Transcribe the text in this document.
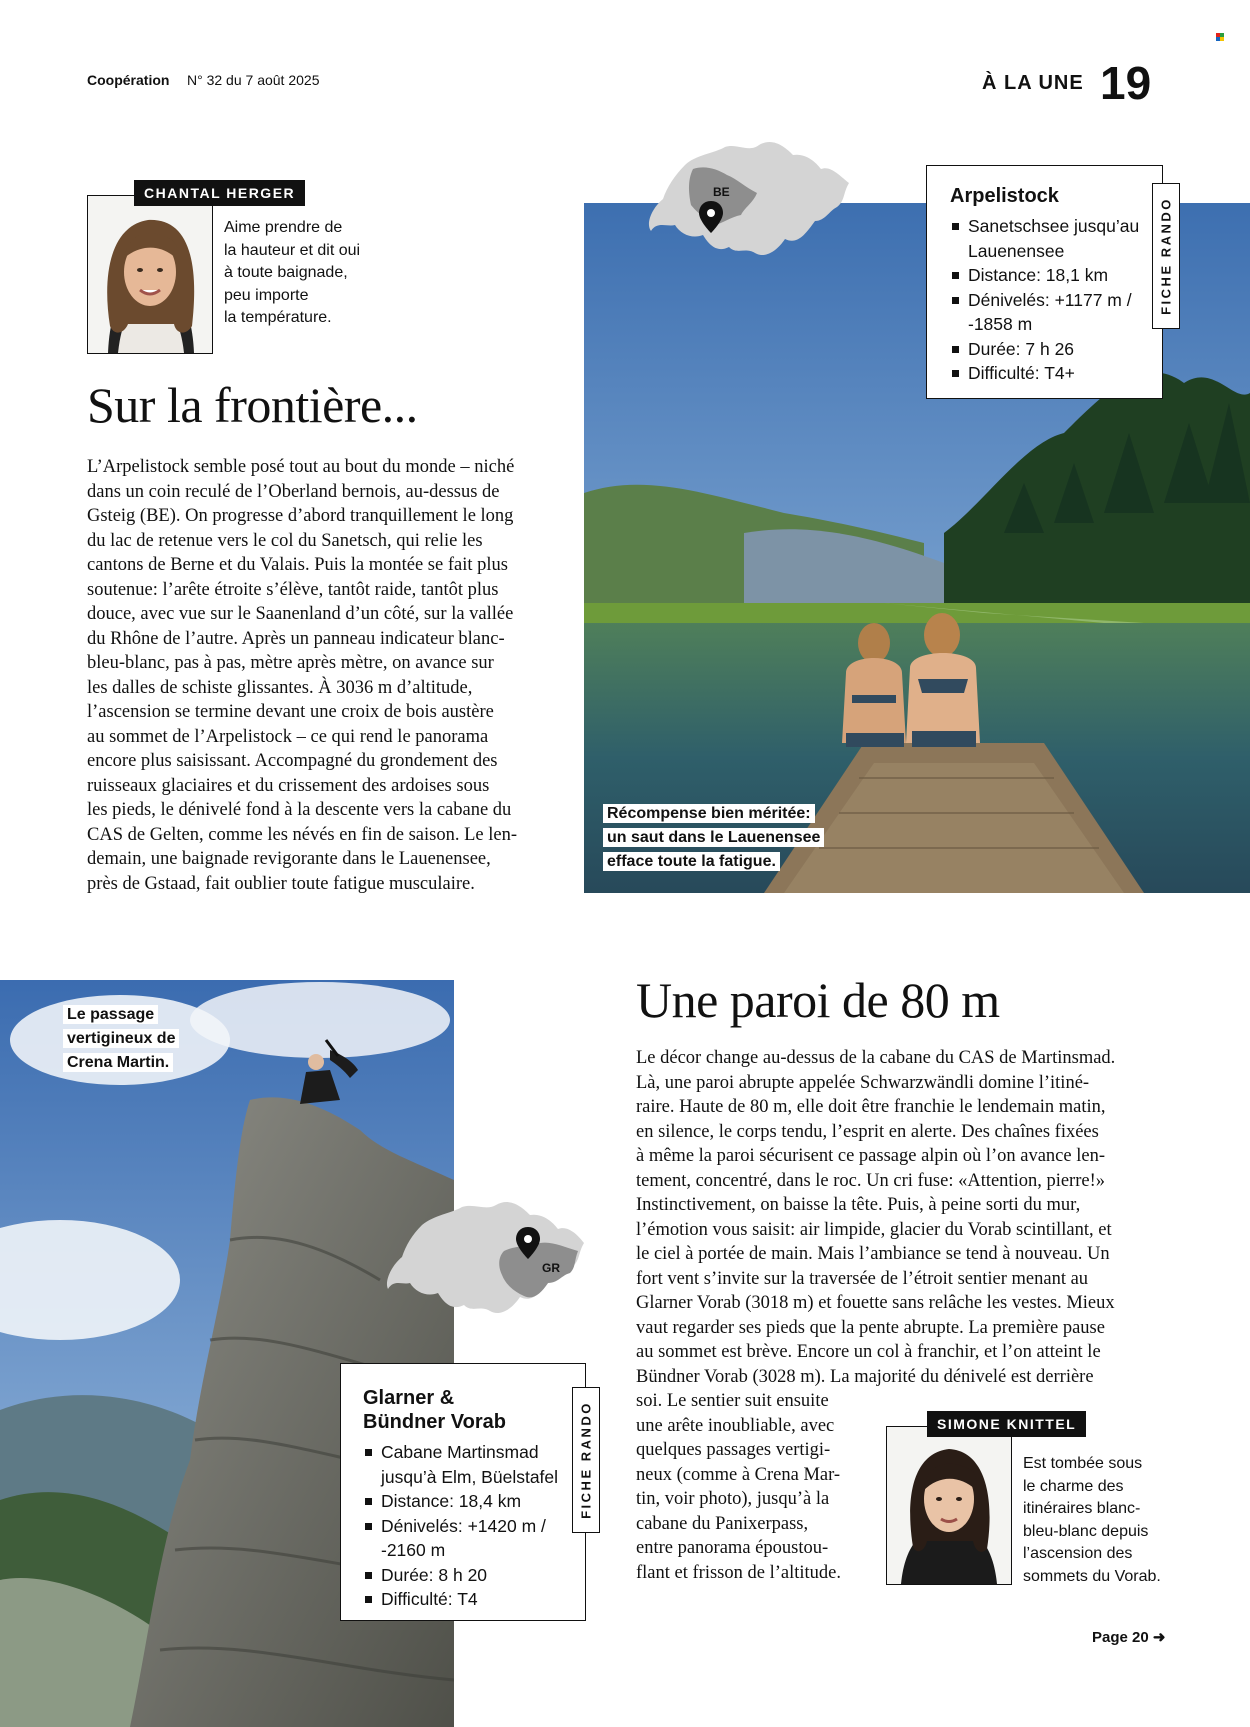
Coopération N° 32 du 7 août 2025	À LA UNE 19
CHANTAL HERGER
Aime prendre de
la hauteur et dit oui
à toute baignade,
peu importe
la température.
Sur la frontière...
L’Arpelistock semble posé tout au bout du monde – niché
dans un coin reculé de l’Oberland bernois, au-dessus de
Gsteig (BE). On progresse d’abord tranquillement le long
du lac de retenue vers le col du Sanetsch, qui relie les
cantons de Berne et du Valais. Puis la montée se fait plus
soutenue: l’arête étroite s’élève, tantôt raide, tantôt plus
douce, avec vue sur le Saanenland d’un côté, sur la vallée
du Rhône de l’autre. Après un panneau indicateur blanc-
bleu-blanc, pas à pas, mètre après mètre, on avance sur
les dalles de schiste glissantes. À 3036 m d’altitude,
l’ascension se termine devant une croix de bois austère
au sommet de l’Arpelistock – ce qui rend le panorama
encore plus saisissant. Accompagné du grondement des
ruisseaux glaciaires et du crissement des ardoises sous
les pieds, le dénivelé fond à la descente vers la cabane du
CAS de Gelten, comme les névés en fin de saison. Le len-
demain, une baignade revigorante dans le Lauenensee,
près de Gstaad, fait oublier toute fatigue musculaire.
Récompense bien méritée:
un saut dans le Lauenensee
efface toute la fatigue.
BE	Arpelistock
Sanetschsee jusqu’au Lauenensee
Distance: 18,1 km
Dénivelés: +1177 m / -1858 m
Durée: 7 h 26
Difficulté: T4+
FICHE RANDO
Le passage
vertigineux de
Crena Martin.
GR
Glarner &
Bündner Vorab
Cabane Martinsmad jusqu’à Elm, Büelstafel
Distance: 18,4 km
Dénivelés: +1420 m / -2160 m
Durée: 8 h 20
Difficulté: T4
FICHE RANDO
Une paroi de 80 m
Le décor change au-dessus de la cabane du CAS de Martinsmad.
Là, une paroi abrupte appelée Schwarzwändli domine l’itiné-
raire. Haute de 80 m, elle doit être franchie le lendemain matin,
en silence, le corps tendu, l’esprit en alerte. Des chaînes fixées
à même la paroi sécurisent ce passage alpin où l’on avance len-
tement, concentré, dans le roc. Un cri fuse: «Attention, pierre!»
Instinctivement, on baisse la tête. Puis, à peine sorti du mur,
l’émotion vous saisit: air limpide, glacier du Vorab scintillant, et
le ciel à portée de main. Mais l’ambiance se tend à nouveau. Un
fort vent s’invite sur la traversée de l’étroit sentier menant au
Glarner Vorab (3018 m) et fouette sans relâche les vestes. Mieux
vaut regarder ses pieds que la pente abrupte. La première pause
au sommet est brève. Encore un col à franchir, et l’on atteint le
Bündner Vorab (3028 m). La majorité du dénivelé est derrière
soi. Le sentier suit ensuite
une arête inoubliable, avec
quelques passages vertigi-
neux (comme à Crena Mar-
tin, voir photo), jusqu’à la
cabane du Panixerpass,
entre panorama époustou-
flant et frisson de l’altitude.
SIMONE KNITTEL
Est tombée sous
le charme des
itinéraires blanc-
bleu-blanc depuis
l’ascension des
sommets du Vorab.
Page 20 ➜
